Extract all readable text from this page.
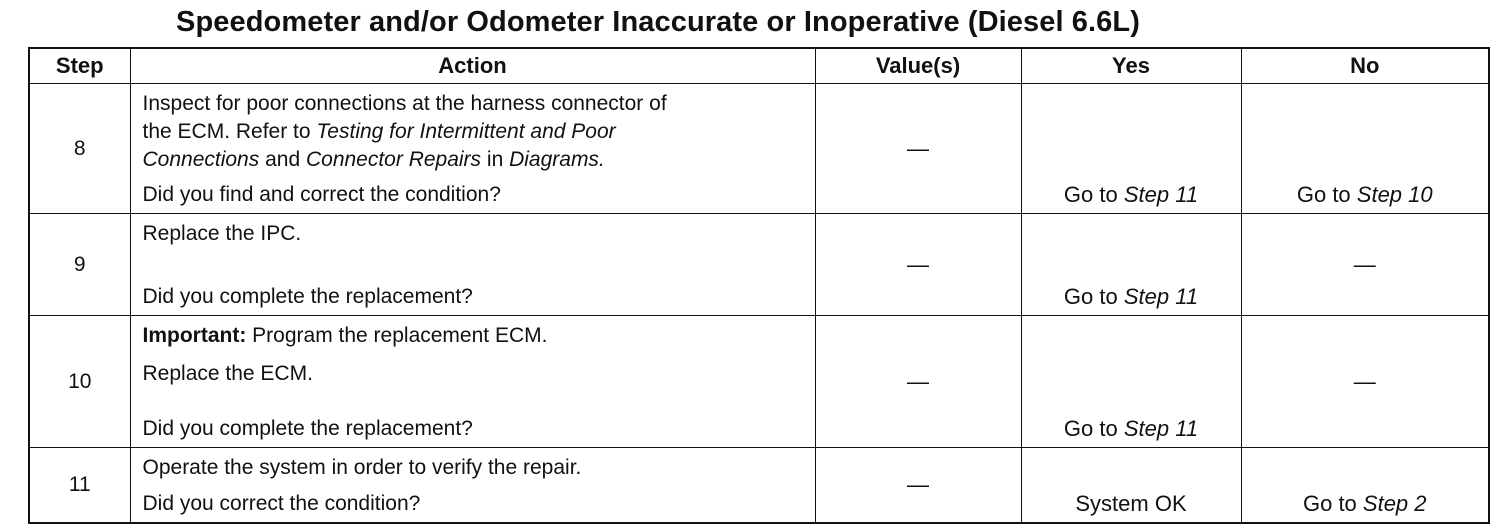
Speedometer and/or Odometer Inaccurate or Inoperative (Diesel 6.6L)
Step	Action	Value(s)	Yes	No
8	Inspect for poor connections at the harness connector of
the ECM. Refer to Testing for Intermittent and Poor
Connections and Connector Repairs in Diagrams.
Did you find and correct the condition?	—	Go to Step 11	Go to Step 10
9	Replace the IPC.
Did you complete the replacement?	—	Go to Step 11	—
10	Important: Program the replacement ECM.
Replace the ECM.
Did you complete the replacement?	—	Go to Step 11	—
11	Operate the system in order to verify the repair.
Did you correct the condition?	—	System OK	Go to Step 2
